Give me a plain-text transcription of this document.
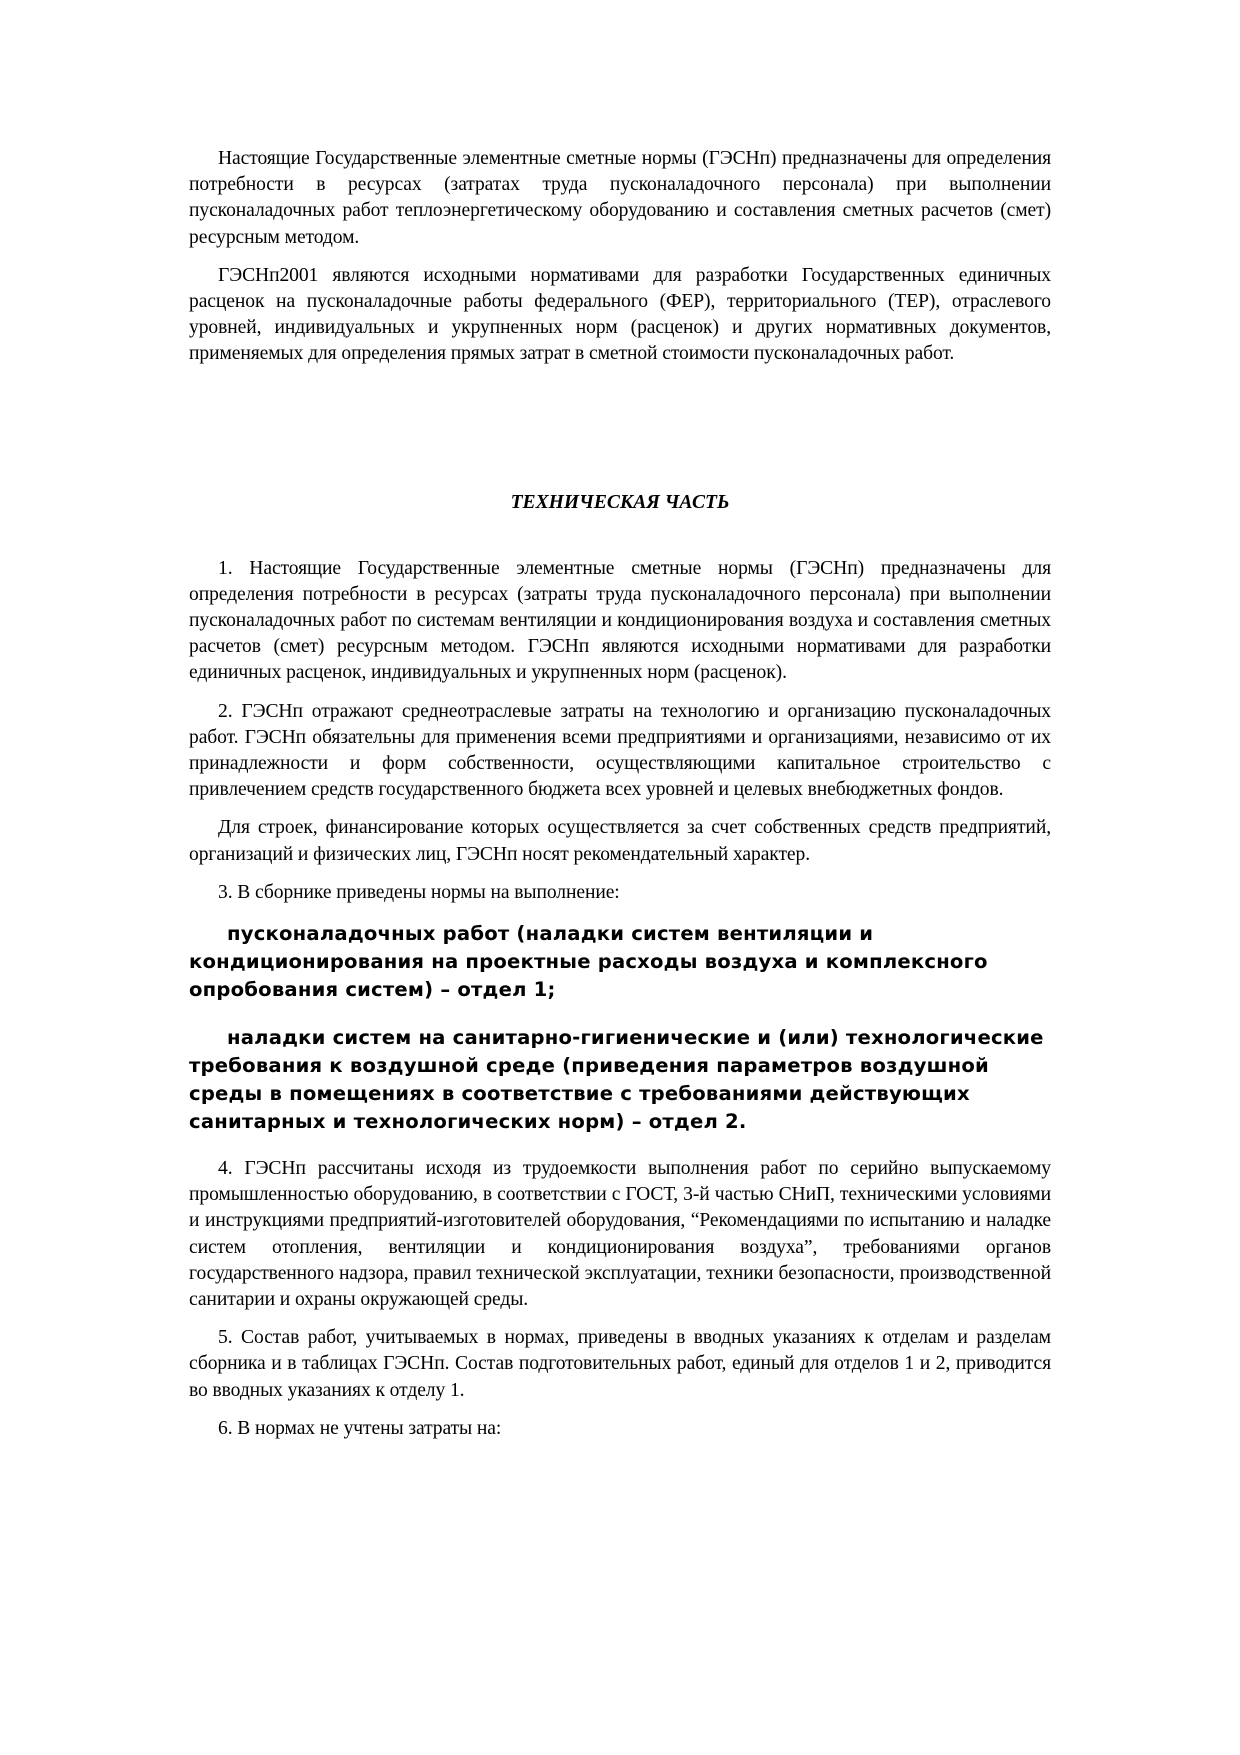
Настоящие Государственные элементные сметные нормы (ГЭСНп) предназначены для определения потребности в ресурсах (затратах труда пусконаладочного персонала) при выполнении пусконаладочных работ теплоэнергетическому оборудованию и составления сметных расчетов (смет) ресурсным методом.

ГЭСНп2001 являются исходными нормативами для разработки Государственных единичных расценок на пусконаладочные работы федерального (ФЕР), территориального (ТЕР), отраслевого уровней, индивидуальных и укрупненных норм (расценок) и других нормативных документов, применяемых для определения прямых затрат в сметной стоимости пусконаладочных работ.

ТЕХНИЧЕСКАЯ ЧАСТЬ

1. Настоящие Государственные элементные сметные нормы (ГЭСНп) предназначены для определения потребности в ресурсах (затраты труда пусконаладочного персонала) при выполнении пусконаладочных работ по системам вентиляции и кондиционирования воздуха и составления сметных расчетов (смет) ресурсным методом. ГЭСНп являются исходными нормативами для разработки единичных расценок, индивидуальных и укрупненных норм (расценок).

2. ГЭСНп отражают среднеотраслевые затраты на технологию и организацию пусконаладочных работ. ГЭСНп обязательны для применения всеми предприятиями и организациями, независимо от их принадлежности и форм собственности, осуществляющими капитальное строительство с привлечением средств государственного бюджета всех уровней и целевых внебюджетных фондов.

Для строек, финансирование которых осуществляется за счет собственных средств предприятий, организаций и физических лиц, ГЭСНп носят рекомендательный характер.

3. В сборнике приведены нормы на выполнение:

пусконаладочных работ (наладки систем вентиляции и кондиционирования на проектные расходы воздуха и комплексного опробования систем) – отдел 1;

наладки систем на санитарно-гигиенические и (или) технологические требования к воздушной среде (приведения параметров воздушной среды в помещениях в соответствие с требованиями действующих санитарных и технологических норм) – отдел 2.

4. ГЭСНп рассчитаны исходя из трудоемкости выполнения работ по серийно выпускаемому промышленностью оборудованию, в соответствии с ГОСТ, 3-й частью СНиП, техническими условиями и инструкциями предприятий-изготовителей оборудования, “Рекомендациями по испытанию и наладке систем отопления, вентиляции и кондиционирования воздуха”, требованиями органов государственного надзора, правил технической эксплуатации, техники безопасности, производственной санитарии и охраны окружающей среды.

5. Состав работ, учитываемых в нормах, приведены в вводных указаниях к отделам и разделам сборника и в таблицах ГЭСНп. Состав подготовительных работ, единый для отделов 1 и 2, приводится во вводных указаниях к отделу 1.

6. В нормах не учтены затраты на:
